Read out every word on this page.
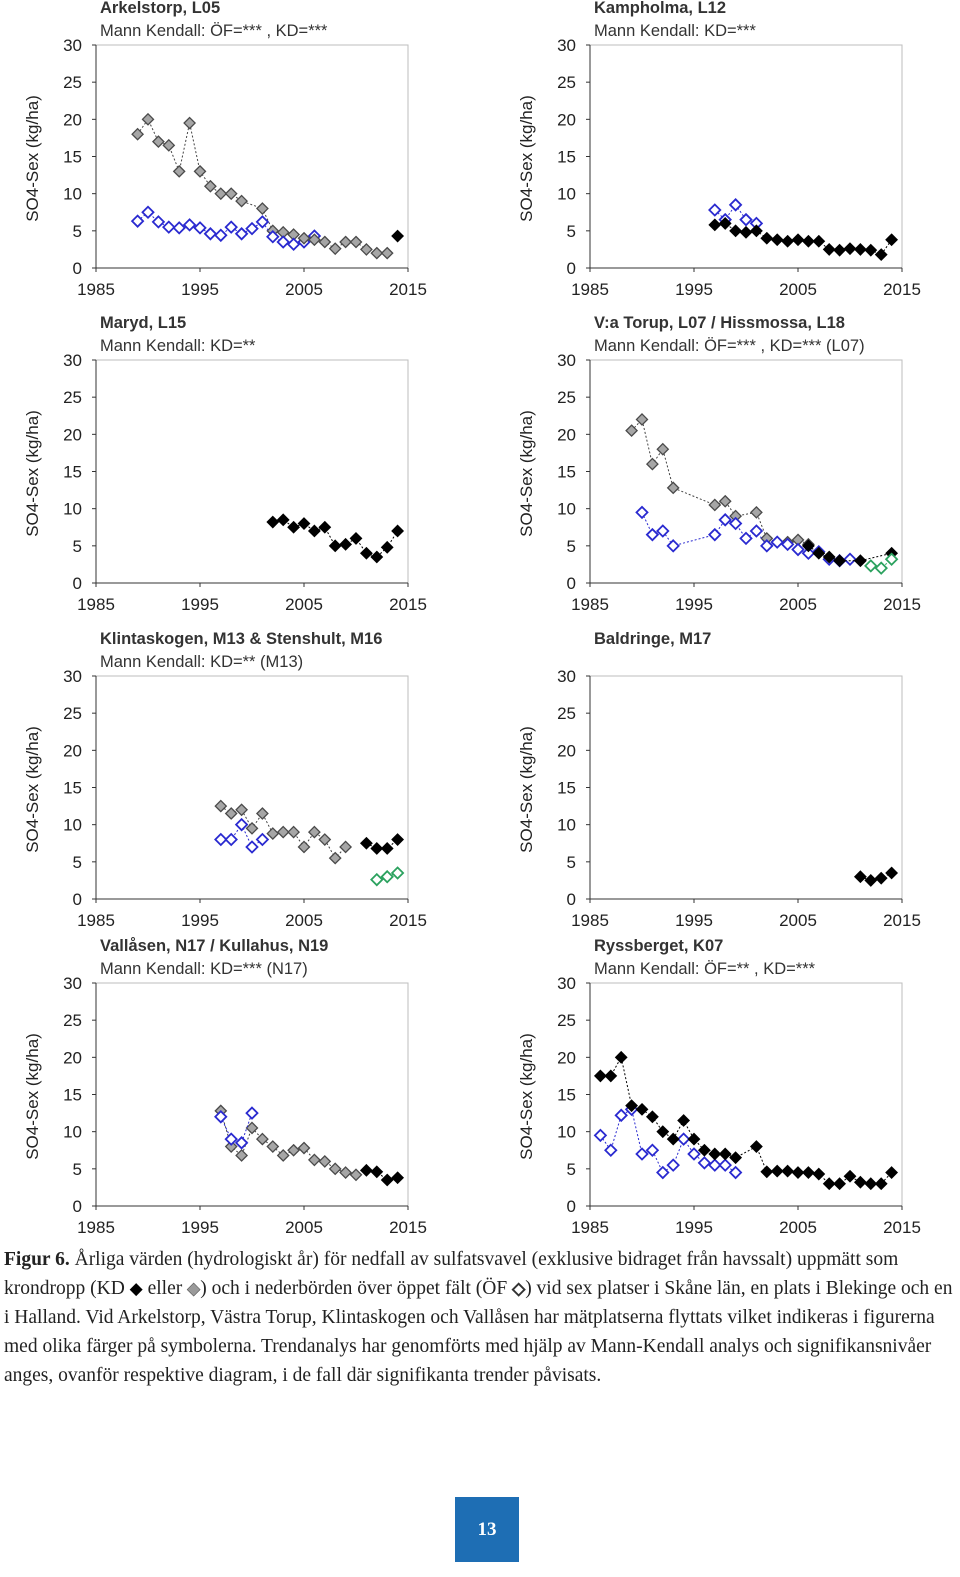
0
5
10
15
20
25
30
1985	1995	2005	2015
SO4-Sex (kg/ha)
Arkelstorp, L05
Mann Kendall: ÖF=*** , KD=***
0
5
10
15
20
25
30
1985	1995	2005	2015
SO4-Sex (kg/ha)
Kampholma, L12
Mann Kendall: KD=***
0
5
10
15
20
25
30
1985	1995	2005	2015
SO4-Sex (kg/ha)
Maryd, L15
Mann Kendall: KD=**
0
5
10
15
20
25
30
1985	1995	2005	2015
SO4-Sex (kg/ha)
V:a Torup, L07 / Hissmossa, L18
Mann Kendall: ÖF=*** , KD=*** (L07)
0
5
10
15
20
25
30
1985	1995	2005	2015
SO4-Sex (kg/ha)
Klintaskogen, M13 & Stenshult, M16
Mann Kendall: KD=** (M13)
0
5
10
15
20
25
30
1985	1995	2005	2015
SO4-Sex (kg/ha)
Baldringe, M17
0
5
10
15
20
25
30
1985	1995	2005	2015
SO4-Sex (kg/ha)
Vallåsen, N17 / Kullahus, N19
Mann Kendall: KD=*** (N17)
0
5
10
15
20
25
30
1985	1995	2005	2015
SO4-Sex (kg/ha)
Ryssberget, K07
Mann Kendall: ÖF=** , KD=***
Figur 6. Årliga värden (hydrologiskt år) för nedfall av sulfatsvavel (exklusive bidraget från havssalt) uppmätt som krondropp (KD ◆ eller ◆) och i nederbörden över öppet fält (ÖF ◇) vid sex platser i Skåne län, en plats i Blekinge och en i Halland. Vid Arkelstorp, Västra Torup, Klintaskogen och Vallåsen har mätplatserna flyttats vilket indikeras i figurerna med olika färger på symbolerna. Trendanalys har genomförts med hjälp av Mann-Kendall analys och signifikansnivåer anges, ovanför respektive diagram, i de fall där signifikanta trender påvisats.
13
